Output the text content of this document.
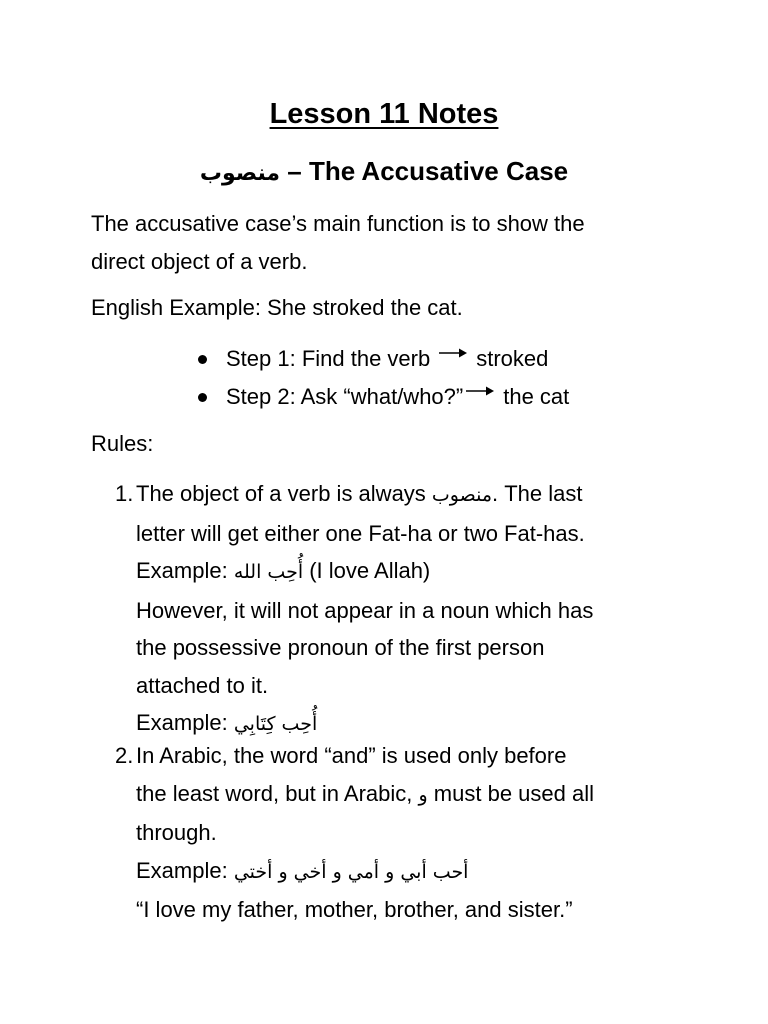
Lesson 11 Notes
منصوب – The Accusative Case
The accusative case’s main function is to show the
direct object of a verb.
English Example: She stroked the cat.
Step 1: Find the verb stroked
Step 2: Ask “what/who?” the cat
Rules:
1. The object of a verb is always منصوب. The last
letter will get either one Fat-ha or two Fat-has.
Example: أُحِب الله (I love Allah)
However, it will not appear in a noun which has
the possessive pronoun of the first person
attached to it.
Example: أُحِب كِتَابِي
2. In Arabic, the word “and” is used only before
the least word, but in Arabic, و must be used all
through.
Example: أحب أبي و أمي و أخي و أختي
“I love my father, mother, brother, and sister.”
